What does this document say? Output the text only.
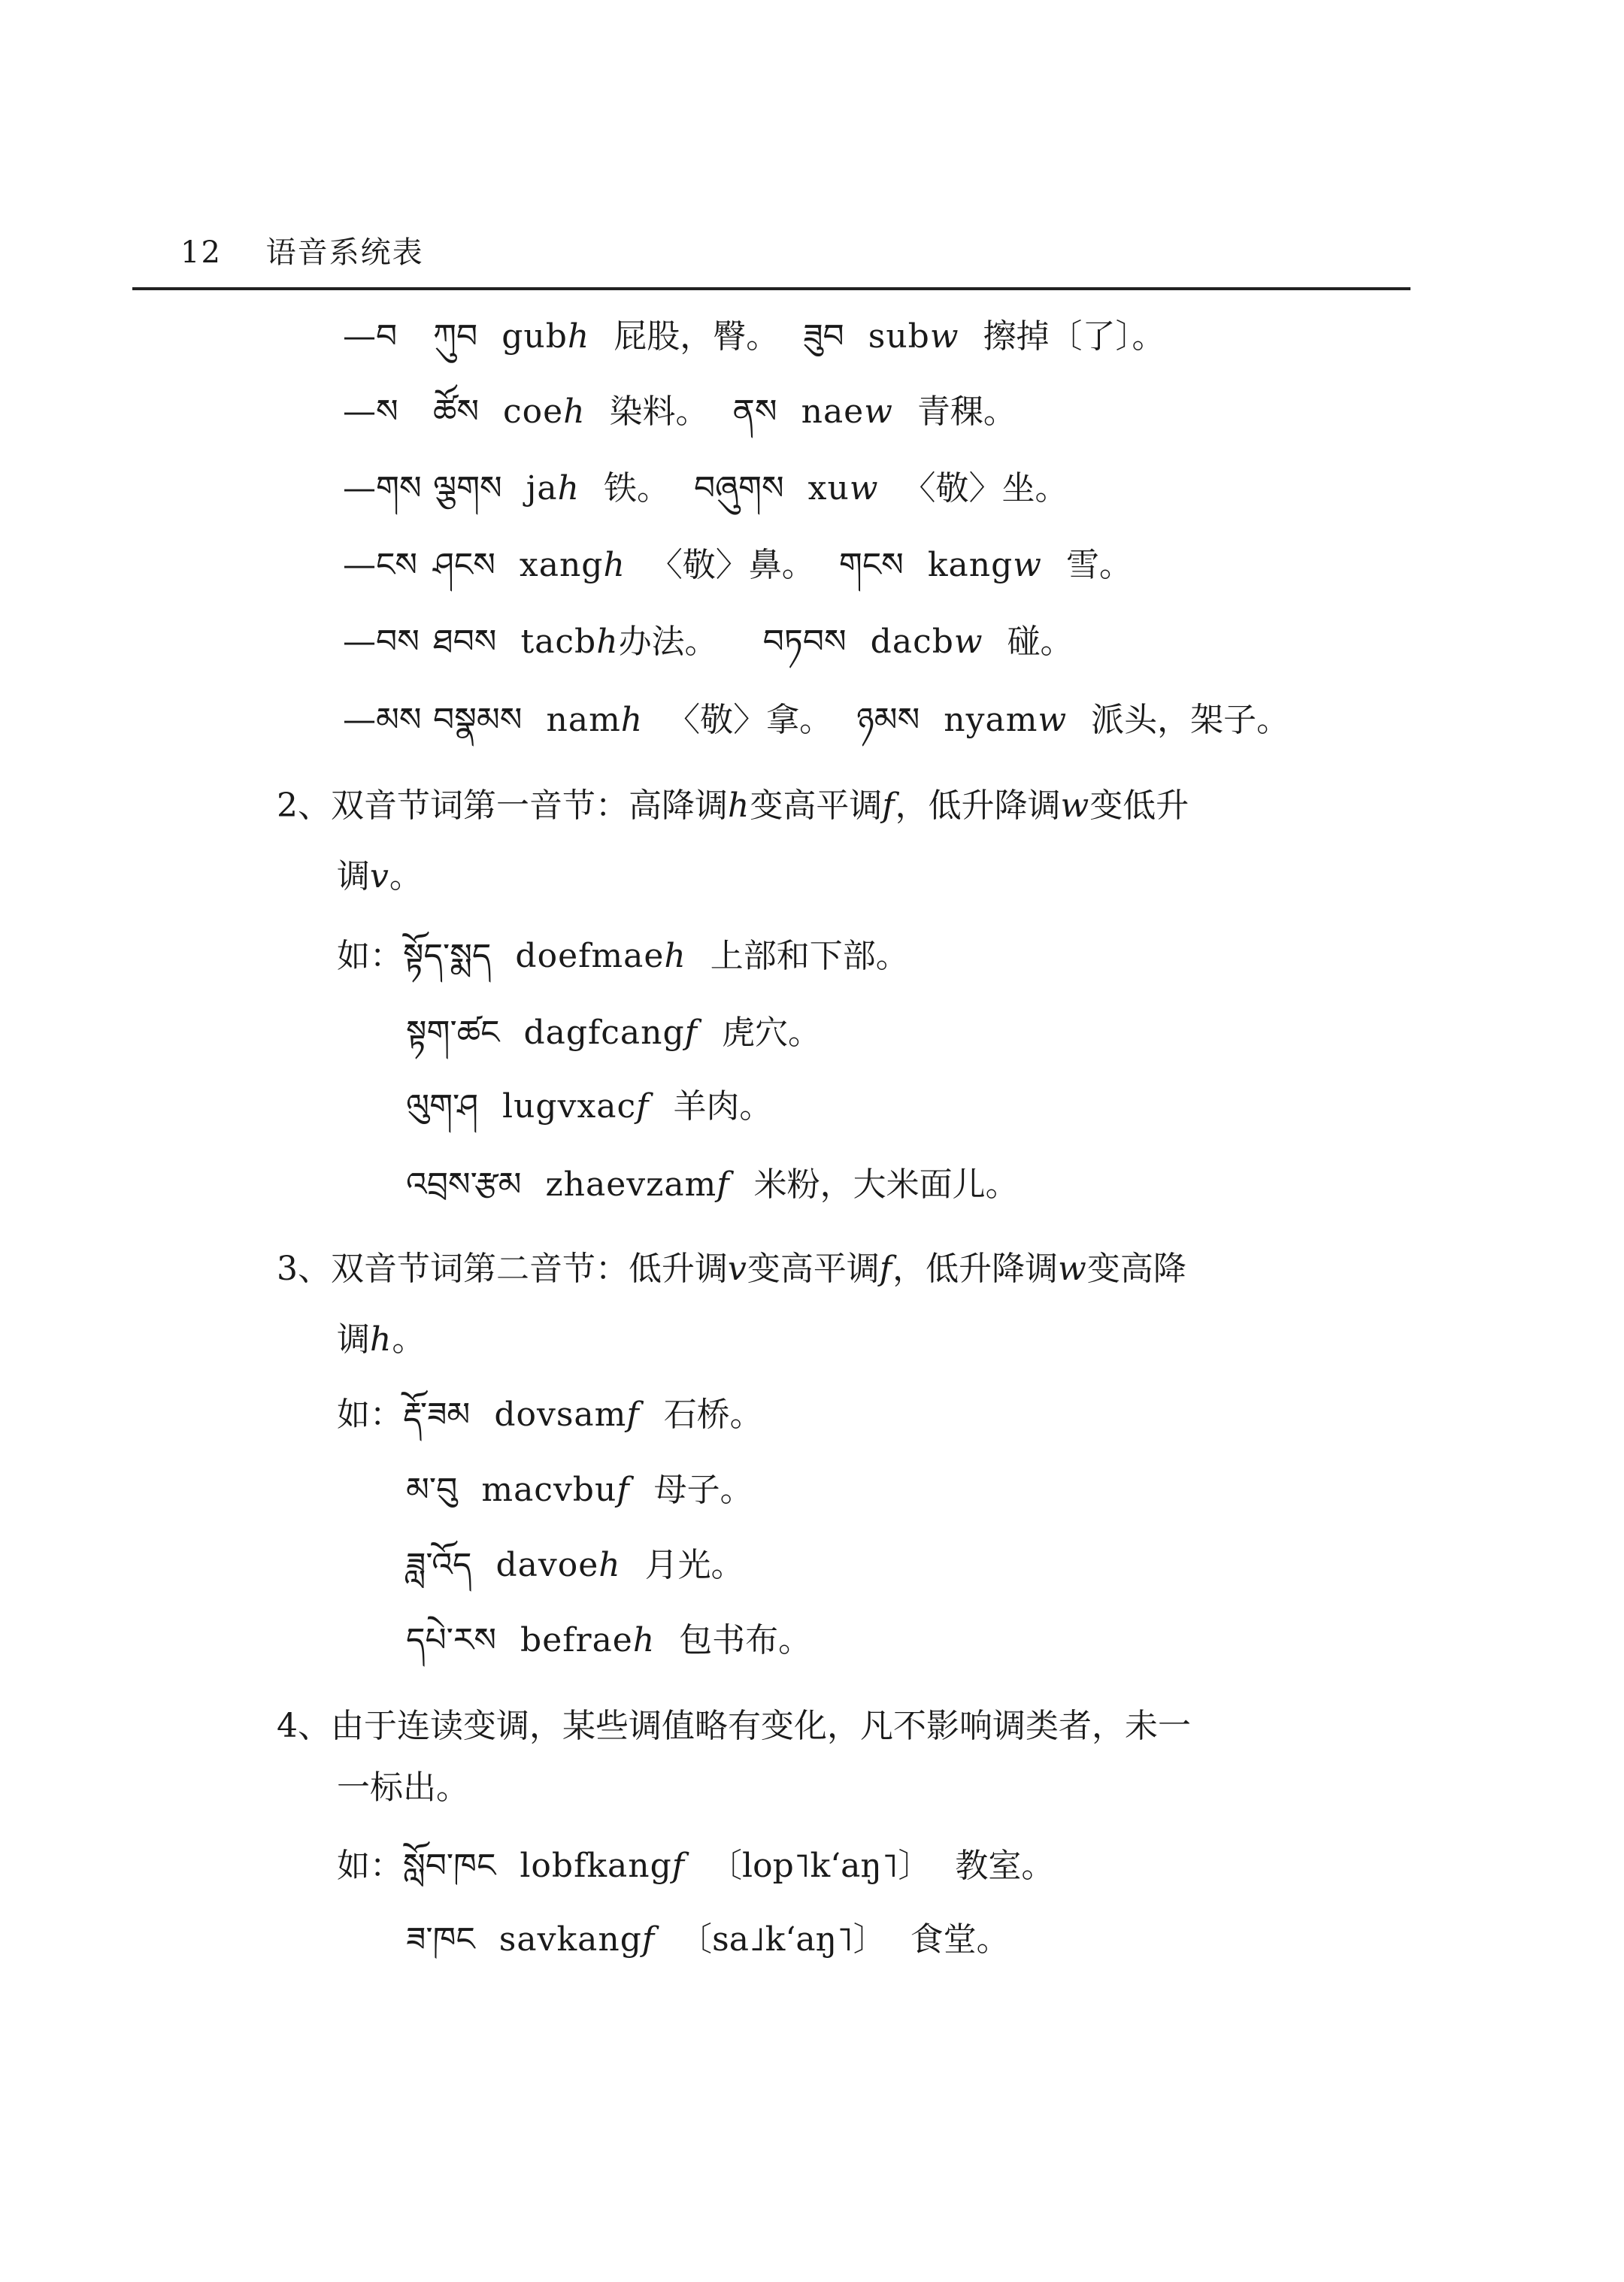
12 语音系统表
—བ ཀུབ gubh 屁股，臀。 ཟུབ subw 擦掉〔了〕。
—ས ཚོས coeh 染料。 ནས naew 青稞。
—གས ལྕགས jah 铁。 བཞུགས xuw 〈敬〉坐。
—ངས ཤངས xangh 〈敬〉鼻。 གངས kangw 雪。
—བས ཐབས tacbh办法。 བཏབས dacbw 碰。
—མས བསྣམས namh 〈敬〉拿。 ཉམས nyamw 派头，架子。
2、双音节词第一音节：高降调h变高平调f，低升降调w变低升
调v。
如：སྟོད་སྨད doefmaeh 上部和下部。
སྟག་ཚང dagfcangf 虎穴。
ལུག་ཤ lugvxacf 羊肉。
འབྲས་རྩམ zhaevzamf 米粉，大米面儿。
3、双音节词第二音节：低升调v变高平调f，低升降调w变高降
调h。
如：རྡོ་ཟམ dovsamf 石桥。
མ་བུ macvbuf 母子。
ཟླ་འོད davoeh 月光。
དཔེ་རས befraeh 包书布。
4、由于连读变调，某些调值略有变化，凡不影响调类者，未一
一标出。
如：སློབ་ཁང lobfkangf 〔lop˥k‘aŋ˥〕 教室。
ཟ་ཁང savkangf 〔sa˩k‘aŋ˥〕 食堂。
